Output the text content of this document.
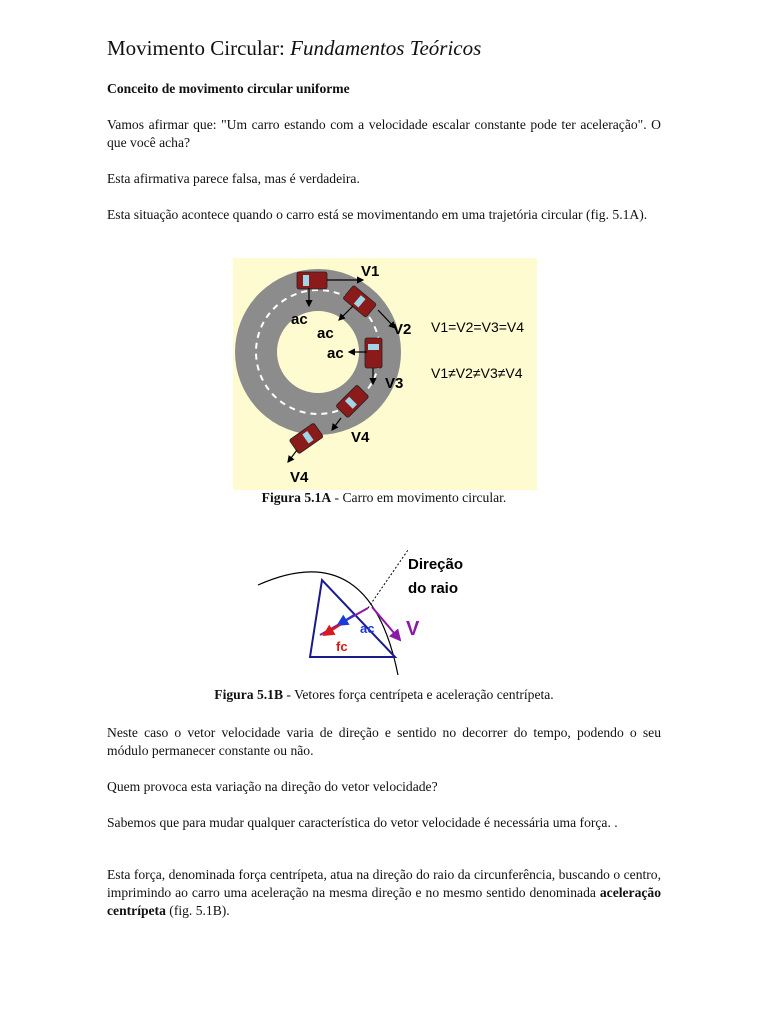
Movimento Circular: Fundamentos Teóricos

Conceito de movimento circular uniforme

Vamos afirmar que: "Um carro estando com a velocidade escalar constante pode ter aceleração". O que você acha?

Esta afirmativa parece falsa, mas é verdadeira.

Esta situação acontece quando o carro está se movimentando em uma trajetória circular (fig. 5.1A).

Figura 5.1A - Carro em movimento circular.
Figura 5.1B - Vetores força centrípeta e aceleração centrípeta.

Neste caso o vetor velocidade varia de direção e sentido no decorrer do tempo, podendo o seu módulo permanecer constante ou não.

Quem provoca esta variação na direção do vetor velocidade?

Sabemos que para mudar qualquer característica do vetor velocidade é necessária uma força. .

Esta força, denominada força centrípeta, atua na direção do raio da circunferência, buscando o centro, imprimindo ao carro uma aceleração na mesma direção e no mesmo sentido denominada aceleração centrípeta (fig. 5.1B).

V1
V2
V3
V4
V4
ac
ac
ac
V1=V2=V3=V4
V1≠V2≠V3≠V4
Direção
do raio
ac
fc
V
